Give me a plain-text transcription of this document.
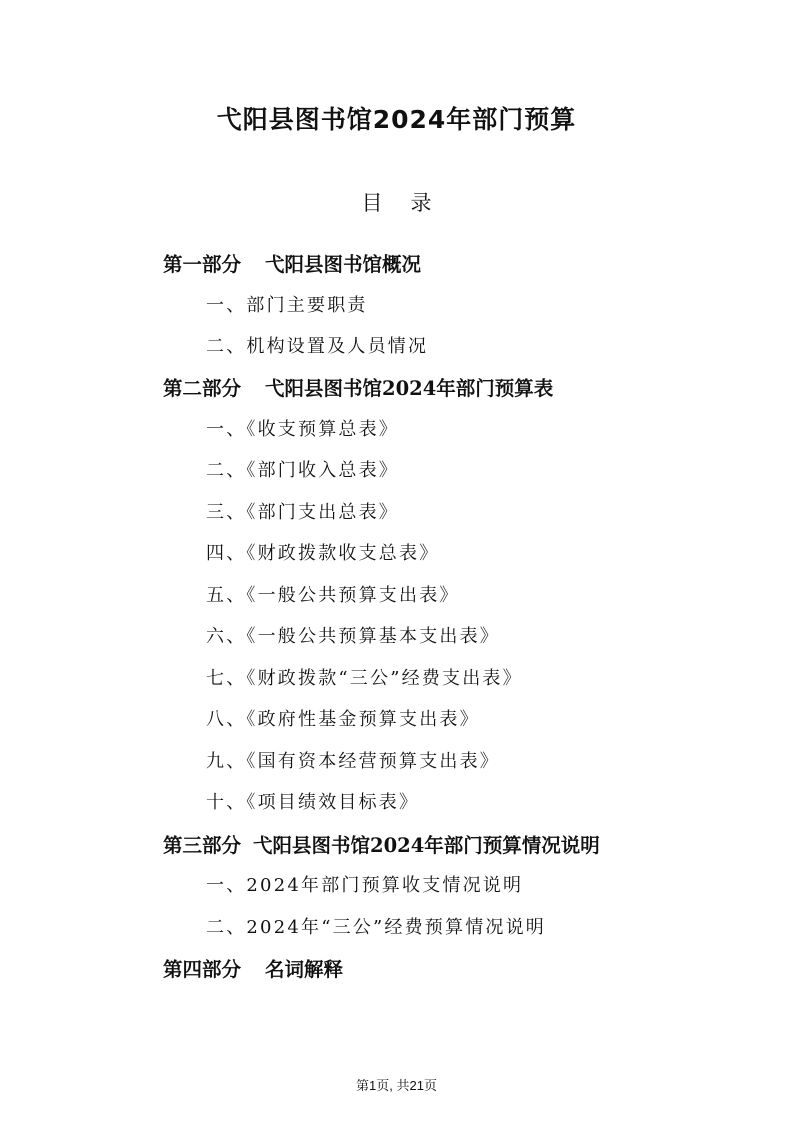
弋阳县图书馆2024年部门预算
目录
第一部分 弋阳县图书馆概况
一、部门主要职责
二、机构设置及人员情况
第二部分 弋阳县图书馆2024年部门预算表
一、《收支预算总表》
二、《部门收入总表》
三、《部门支出总表》
四、《财政拨款收支总表》
五、《一般公共预算支出表》
六、《一般公共预算基本支出表》
七、《财政拨款“三公”经费支出表》
八、《政府性基金预算支出表》
九、《国有资本经营预算支出表》
十、《项目绩效目标表》
第三部分 弋阳县图书馆2024年部门预算情况说明
一、2024年部门预算收支情况说明
二、2024年“三公”经费预算情况说明
第四部分 名词解释
第1页, 共21页
